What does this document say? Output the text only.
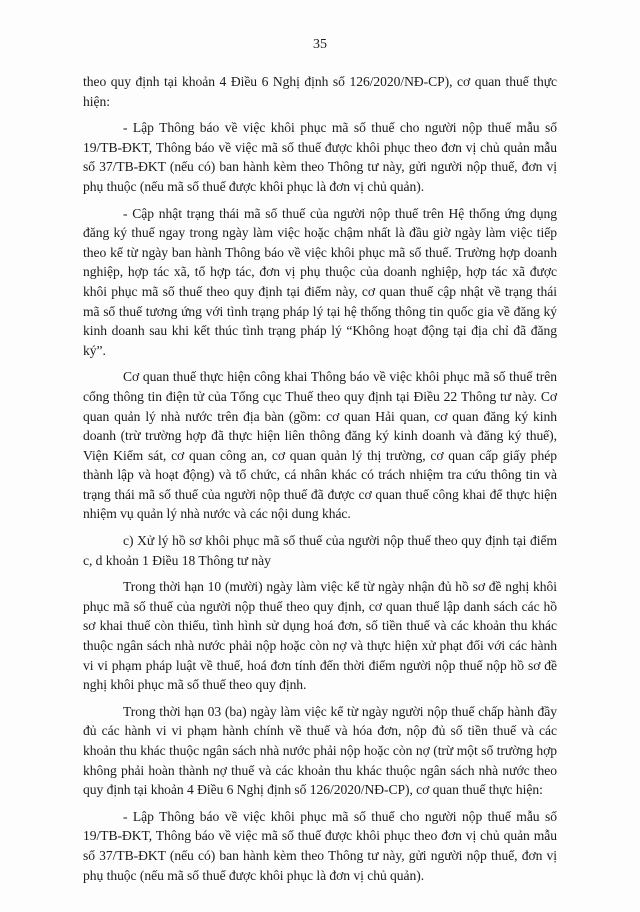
35

theo quy định tại khoản 4 Điều 6 Nghị định số 126/2020/NĐ-CP), cơ quan thuế thực hiện:

- Lập Thông báo về việc khôi phục mã số thuế cho người nộp thuế mẫu số 19/TB-ĐKT, Thông báo về việc mã số thuế được khôi phục theo đơn vị chủ quản mẫu số 37/TB-ĐKT (nếu có) ban hành kèm theo Thông tư này, gửi người nộp thuế, đơn vị phụ thuộc (nếu mã số thuế được khôi phục là đơn vị chủ quản).

- Cập nhật trạng thái mã số thuế của người nộp thuế trên Hệ thống ứng dụng đăng ký thuế ngay trong ngày làm việc hoặc chậm nhất là đầu giờ ngày làm việc tiếp theo kể từ ngày ban hành Thông báo về việc khôi phục mã số thuế. Trường hợp doanh nghiệp, hợp tác xã, tổ hợp tác, đơn vị phụ thuộc của doanh nghiệp, hợp tác xã được khôi phục mã số thuế theo quy định tại điểm này, cơ quan thuế cập nhật về trạng thái mã số thuế tương ứng với tình trạng pháp lý tại hệ thống thông tin quốc gia về đăng ký kinh doanh sau khi kết thúc tình trạng pháp lý “Không hoạt động tại địa chỉ đã đăng ký”.

Cơ quan thuế thực hiện công khai Thông báo về việc khôi phục mã số thuế trên cổng thông tin điện tử của Tổng cục Thuế theo quy định tại Điều 22 Thông tư này. Cơ quan quản lý nhà nước trên địa bàn (gồm: cơ quan Hải quan, cơ quan đăng ký kinh doanh (trừ trường hợp đã thực hiện liên thông đăng ký kinh doanh và đăng ký thuế), Viện Kiểm sát, cơ quan công an, cơ quan quản lý thị trường, cơ quan cấp giấy phép thành lập và hoạt động) và tổ chức, cá nhân khác có trách nhiệm tra cứu thông tin và trạng thái mã số thuế của người nộp thuế đã được cơ quan thuế công khai để thực hiện nhiệm vụ quản lý nhà nước và các nội dung khác.

c) Xử lý hồ sơ khôi phục mã số thuế của người nộp thuế theo quy định tại điểm c, d khoản 1 Điều 18 Thông tư này

Trong thời hạn 10 (mười) ngày làm việc kể từ ngày nhận đủ hồ sơ đề nghị khôi phục mã số thuế của người nộp thuế theo quy định, cơ quan thuế lập danh sách các hồ sơ khai thuế còn thiếu, tình hình sử dụng hoá đơn, số tiền thuế và các khoản thu khác thuộc ngân sách nhà nước phải nộp hoặc còn nợ và thực hiện xử phạt đối với các hành vi vi phạm pháp luật về thuế, hoá đơn tính đến thời điểm người nộp thuế nộp hồ sơ đề nghị khôi phục mã số thuế theo quy định.

Trong thời hạn 03 (ba) ngày làm việc kể từ ngày người nộp thuế chấp hành đầy đủ các hành vi vi phạm hành chính về thuế và hóa đơn, nộp đủ số tiền thuế và các khoản thu khác thuộc ngân sách nhà nước phải nộp hoặc còn nợ (trừ một số trường hợp không phải hoàn thành nợ thuế và các khoản thu khác thuộc ngân sách nhà nước theo quy định tại khoản 4 Điều 6 Nghị định số 126/2020/NĐ-CP), cơ quan thuế thực hiện:

- Lập Thông báo về việc khôi phục mã số thuế cho người nộp thuế mẫu số 19/TB-ĐKT, Thông báo về việc mã số thuế được khôi phục theo đơn vị chủ quản mẫu số 37/TB-ĐKT (nếu có) ban hành kèm theo Thông tư này, gửi người nộp thuế, đơn vị phụ thuộc (nếu mã số thuế được khôi phục là đơn vị chủ quản).
